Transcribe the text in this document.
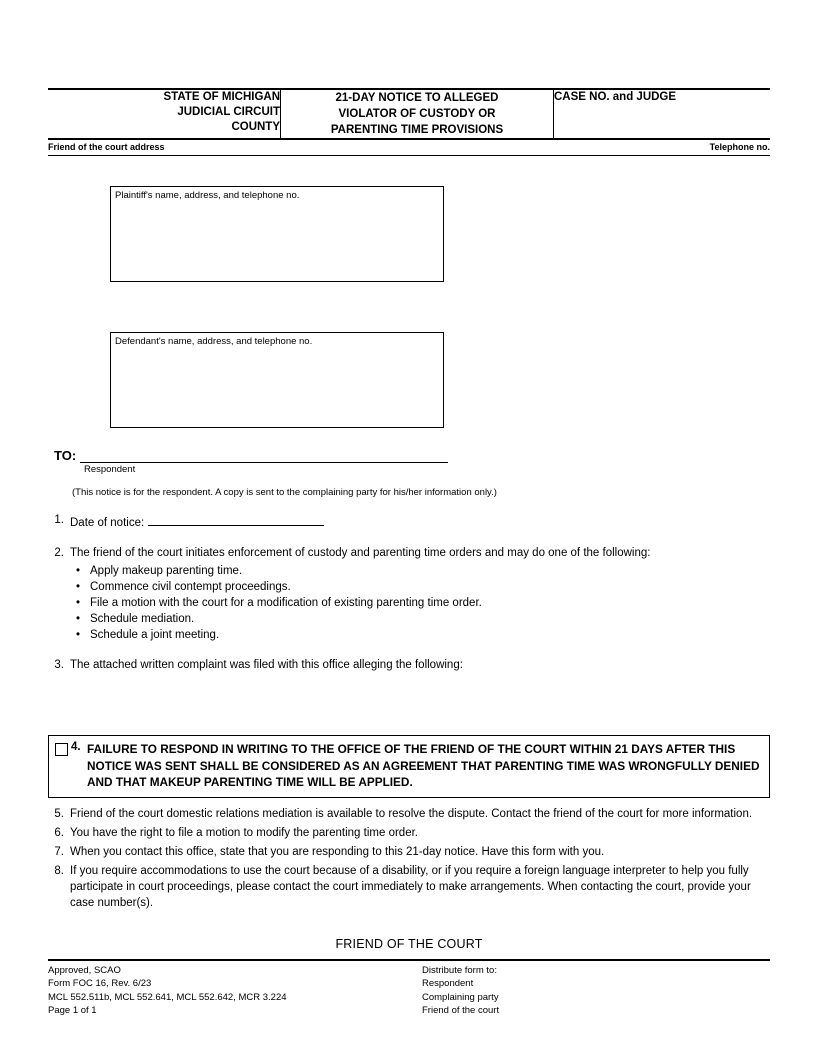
STATE OF MICHIGAN
JUDICIAL CIRCUIT
COUNTY

21-DAY NOTICE TO ALLEGED
VIOLATOR OF CUSTODY OR
PARENTING TIME PROVISIONS

CASE NO. and JUDGE
Friend of the court address	Telephone no.
Plaintiff's name, address, and telephone no.
Defendant's name, address, and telephone no.
TO:
Respondent
(This notice is for the respondent. A copy is sent to the complaining party for his/her information only.)
1. Date of notice:
2. The friend of the court initiates enforcement of custody and parenting time orders and may do one of the following:
• Apply makeup parenting time.
• Commence civil contempt proceedings.
• File a motion with the court for a modification of existing parenting time order.
• Schedule mediation.
• Schedule a joint meeting.
3. The attached written complaint was filed with this office alleging the following:
4. FAILURE TO RESPOND IN WRITING TO THE OFFICE OF THE FRIEND OF THE COURT WITHIN 21 DAYS AFTER THIS NOTICE WAS SENT SHALL BE CONSIDERED AS AN AGREEMENT THAT PARENTING TIME WAS WRONGFULLY DENIED AND THAT MAKEUP PARENTING TIME WILL BE APPLIED.
5. Friend of the court domestic relations mediation is available to resolve the dispute. Contact the friend of the court for more information.
6. You have the right to file a motion to modify the parenting time order.
7. When you contact this office, state that you are responding to this 21-day notice. Have this form with you.
8. If you require accommodations to use the court because of a disability, or if you require a foreign language interpreter to help you fully participate in court proceedings, please contact the court immediately to make arrangements. When contacting the court, provide your case number(s).
FRIEND OF THE COURT
Approved, SCAO
Form FOC 16, Rev. 6/23
MCL 552.511b, MCL 552.641, MCL 552.642, MCR 3.224
Page 1 of 1
Distribute form to:
Respondent
Complaining party
Friend of the court
